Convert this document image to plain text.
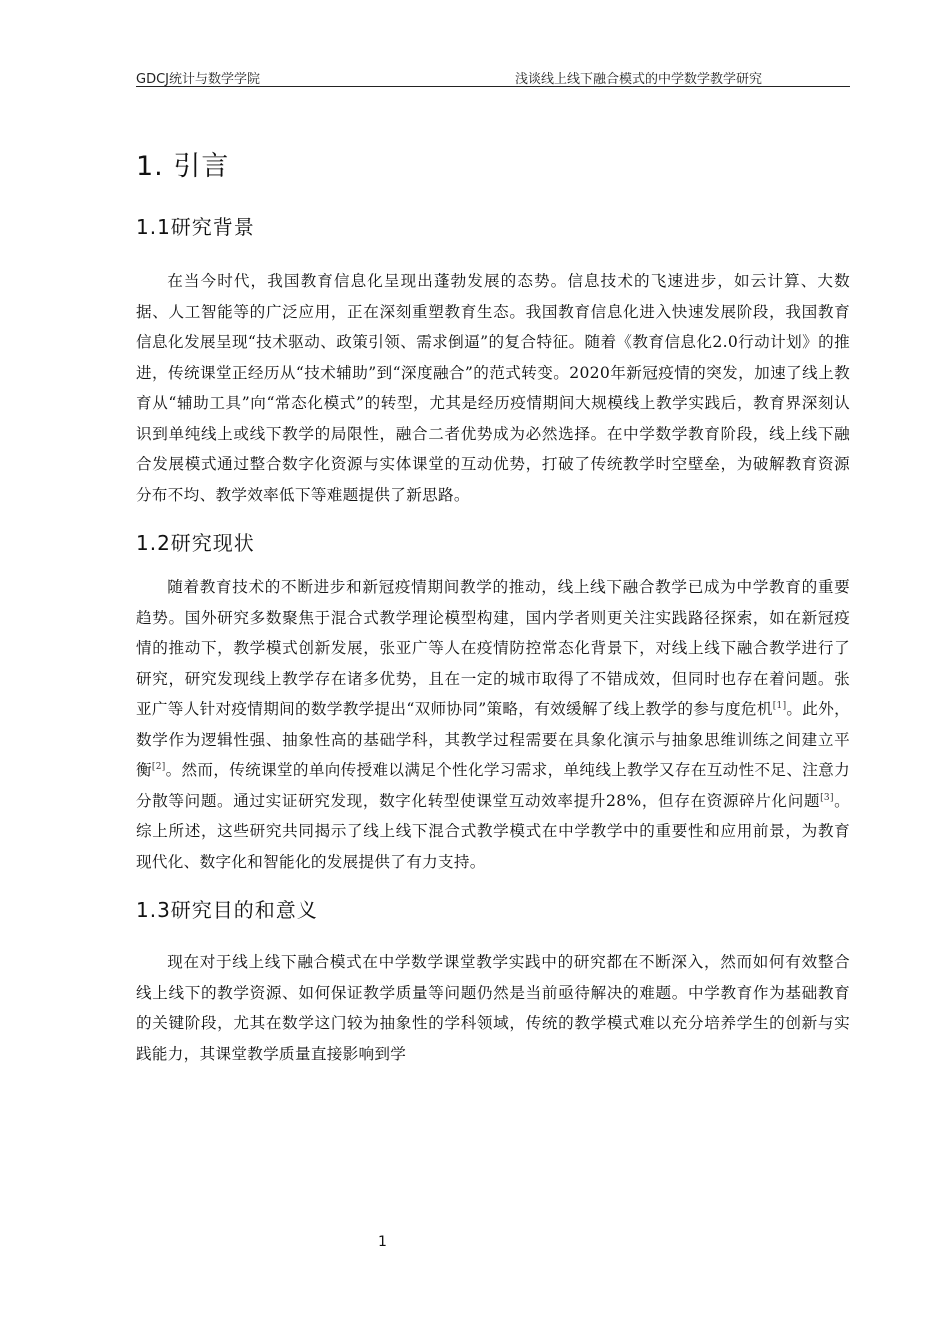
GDCJ统计与数学学院	浅谈线上线下融合模式的中学数学教学研究
1. 引言
1.1研究背景

在当今时代，我国教育信息化呈现出蓬勃发展的态势。信息技术的飞速进步，如云计算、大数据、人工智能等的广泛应用，正在深刻重塑教育生态。我国教育信息化进入快速发展阶段，我国教育信息化发展呈现“技术驱动、政策引领、需求倒逼”的复合特征。随着《教育信息化2.0行动计划》的推进，传统课堂正经历从“技术辅助”到“深度融合”的范式转变。2020年新冠疫情的突发，加速了线上教育从“辅助工具”向“常态化模式”的转型，尤其是经历疫情期间大规模线上教学实践后，教育界深刻认识到单纯线上或线下教学的局限性，融合二者优势成为必然选择。在中学数学教育阶段，线上线下融合发展模式通过整合数字化资源与实体课堂的互动优势，打破了传统教学时空壁垒，为破解教育资源分布不均、教学效率低下等难题提供了新思路。

1.2研究现状

随着教育技术的不断进步和新冠疫情期间教学的推动，线上线下融合教学已成为中学教育的重要趋势。国外研究多数聚焦于混合式教学理论模型构建，国内学者则更关注实践路径探索，如在新冠疫情的推动下，教学模式创新发展，张亚广等人在疫情防控常态化背景下，对线上线下融合教学进行了研究，研究发现线上教学存在诸多优势，且在一定的城市取得了不错成效，但同时也存在着问题。张亚广等人针对疫情期间的数学教学提出“双师协同”策略，有效缓解了线上教学的参与度危机[1]。此外，数学作为逻辑性强、抽象性高的基础学科，其教学过程需要在具象化演示与抽象思维训练之间建立平衡[2]。然而，传统课堂的单向传授难以满足个性化学习需求，单纯线上教学又存在互动性不足、注意力分散等问题。通过实证研究发现，数字化转型使课堂互动效率提升28%，但存在资源碎片化问题[3]。综上所述，这些研究共同揭示了线上线下混合式教学模式在中学教学中的重要性和应用前景，为教育现代化、数字化和智能化的发展提供了有力支持。

1.3研究目的和意义

现在对于线上线下融合模式在中学数学课堂教学实践中的研究都在不断深入，然而如何有效整合线上线下的教学资源、如何保证教学质量等问题仍然是当前亟待解决的难题。中学教育作为基础教育的关键阶段，尤其在数学这门较为抽象性的学科领域，传统的教学模式难以充分培养学生的创新与实践能力，其课堂教学质量直接影响到学

1
